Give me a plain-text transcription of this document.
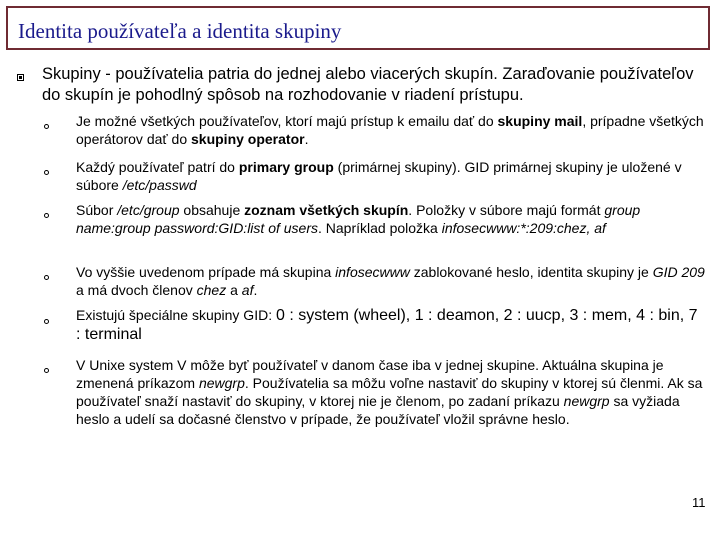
Identita používateľa a identita skupiny

Skupiny - používatelia patria do jednej alebo viacerých skupín. Zaraďovanie používateľov do skupín je pohodlný spôsob na rozhodovanie v riadení prístupu.

Je možné všetkých používateľov, ktorí majú prístup k emailu dať do skupiny mail, prípadne všetkých operátorov dať do skupiny operator.
Každý používateľ patrí do primary group (primárnej skupiny). GID primárnej skupiny je uložené v súbore /etc/passwd
Súbor /etc/group obsahuje zoznam všetkých skupín. Položky v súbore majú formát group name:group password:GID:list of users. Napríklad položka infosecwww:*:209:chez, af
Vo vyššie uvedenom prípade má skupina infosecwww zablokované heslo, identita skupiny je GID 209 a má dvoch členov chez a af.
Existujú špeciálne skupiny GID: 0 : system (wheel), 1 : deamon, 2 : uucp, 3 : mem, 4 : bin, 7 : terminal
V Unixe system V môže byť používateľ v danom čase iba v jednej skupine. Aktuálna skupina je zmenená príkazom newgrp. Používatelia sa môžu voľne nastaviť do skupiny v ktorej sú členmi. Ak sa používateľ snaží nastaviť do skupiny, v ktorej nie je členom, po zadaní príkazu newgrp sa vyžiada heslo a udelí sa dočasné členstvo v prípade, že používateľ vložil správne heslo.
11
